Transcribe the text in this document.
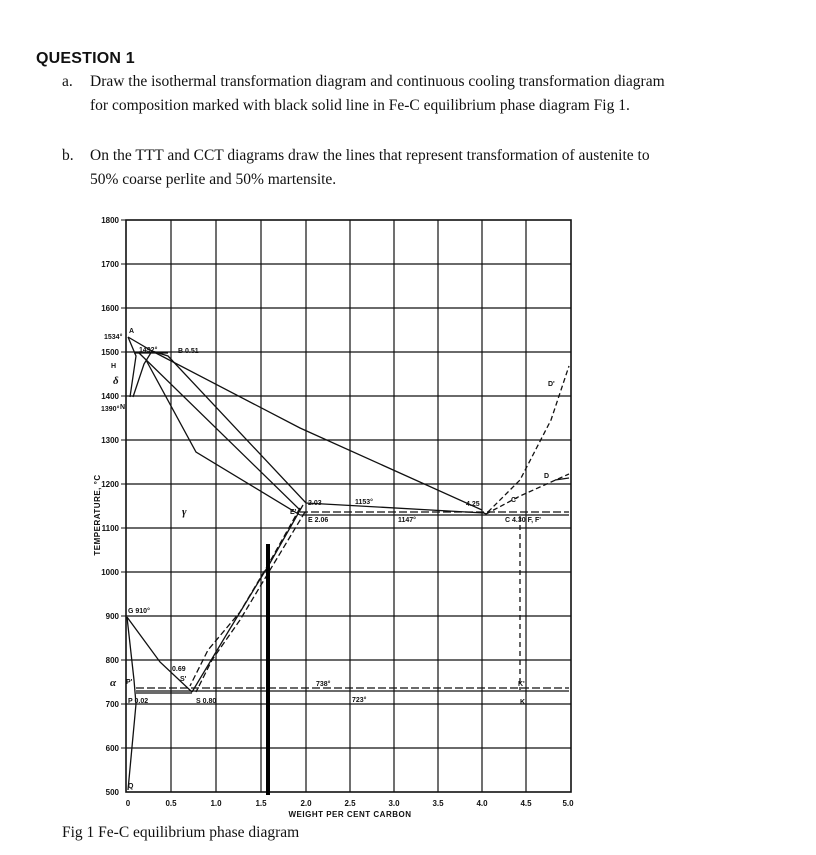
QUESTION 1
a. Draw the isothermal transformation diagram and continuous cooling transformation diagram
for composition marked with black solid line in Fe-C equilibrium phase diagram Fig 1.
b. On the TTT and CCT diagrams draw the lines that represent transformation of austenite to
50% coarse perlite and 50% martensite.
1800
1700
1600
1500
1400
1300
1200
1100
1000
900
800
700
600
500
0	0.5	1.0	1.5	2.0	2.5	3.0	3.5	4.0	4.5	5.0
WEIGHT PER CENT CARBON
TEMPERATURE, °C
1534°
A
1492°	B 0.51
H
δ
1390° N
γ
G 910°
0.69
S'
α P'
P 0.02	S 0.80
2.03
E'
E 2.06
1153°
1147°
4.25
C'
C 4.30 F, F'
738°
723°
D'
D
K'
K
Q
Fig 1 Fe-C equilibrium phase diagram
